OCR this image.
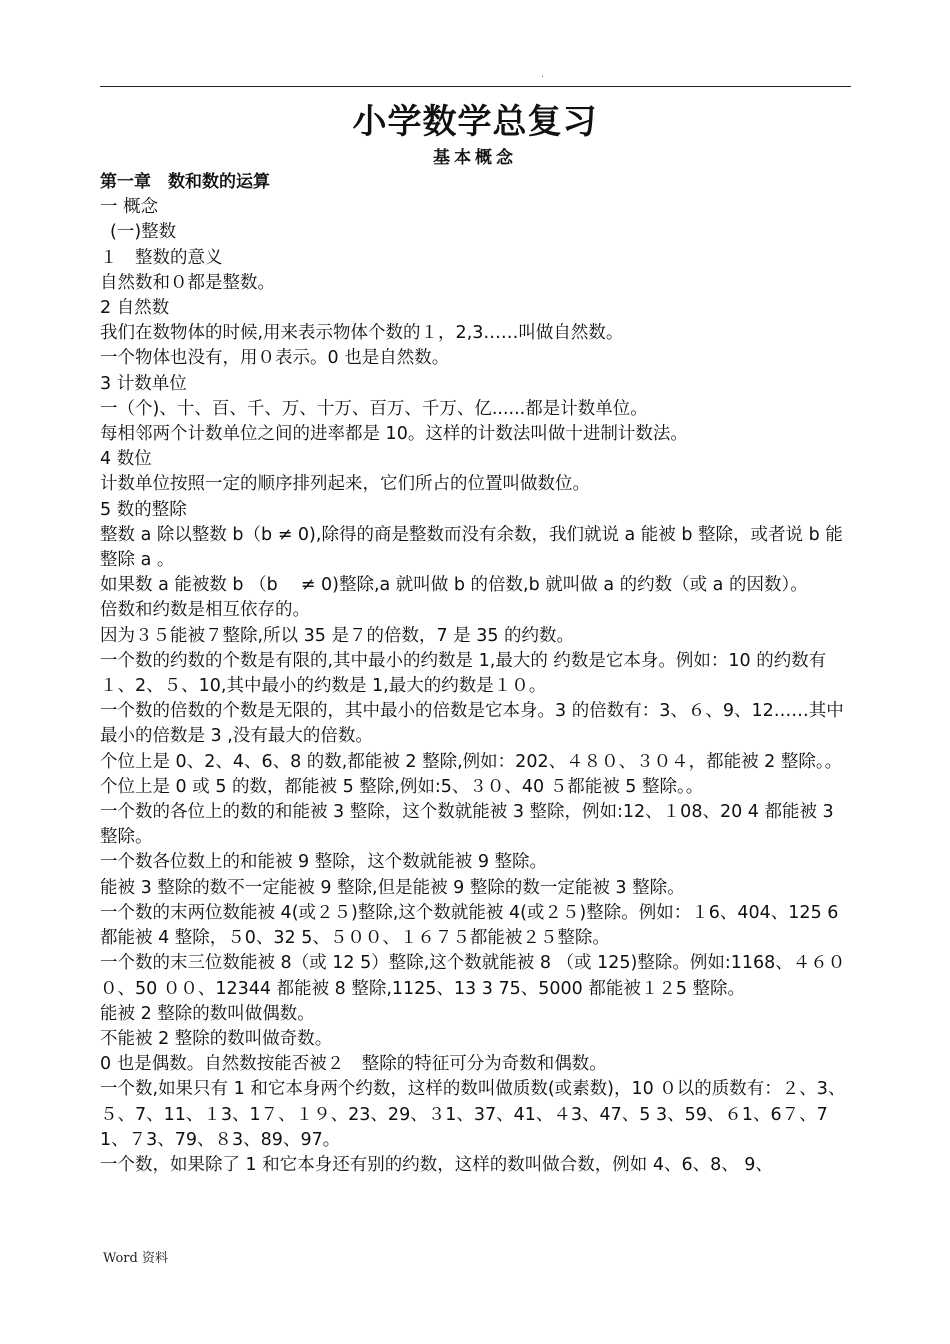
.
小学数学总复习
基本概念

第一章　数和数的运算

一 概念

(一)整数

１　整数的意义

自然数和０都是整数。

2 自然数

我们在数物体的时候,用来表示物体个数的１，2,3……叫做自然数。

一个物体也没有，用０表示。0 也是自然数。

3 计数单位

一（个)、十、百、千、万、十万、百万、千万、亿......都是计数单位。

每相邻两个计数单位之间的进率都是 10。这样的计数法叫做十进制计数法。

4 数位

计数单位按照一定的顺序排列起来，它们所占的位置叫做数位。

5 数的整除

整数 a 除以整数 b（b ≠ 0),除得的商是整数而没有余数，我们就说 a 能被 b 整除，或者说 b 能整除 a 。

如果数 a 能被数 b （b 　≠ 0)整除,a 就叫做 b 的倍数,b 就叫做 a 的约数（或 a 的因数）。

倍数和约数是相互依存的。

因为３５能被７整除,所以 35 是７的倍数，7 是 35 的约数。

一个数的约数的个数是有限的,其中最小的约数是 1,最大的 约数是它本身。例如：10 的约数有１、2、５、10,其中最小的约数是 1,最大的约数是１０。

一个数的倍数的个数是无限的，其中最小的倍数是它本身。3 的倍数有：3、６、9、12……其中最小的倍数是 3 ,没有最大的倍数。

个位上是 0、2、4、6、8 的数,都能被 2 整除,例如：202、４８０、３０４，都能被 2 整除。。

个位上是 0 或 5 的数，都能被 5 整除,例如:5、３０、40 ５都能被 5 整除。。

一个数的各位上的数的和能被 3 整除，这个数就能被 3 整除，例如:12、１08、20 4 都能被 3 整除。

一个数各位数上的和能被 9 整除，这个数就能被 9 整除。

能被 3 整除的数不一定能被 9 整除,但是能被 9 整除的数一定能被 3 整除。

一个数的末两位数能被 4(或２５)整除,这个数就能被 4(或２５)整除。例如：１6、404、125 6 都能被 4 整除，５0、32 5、５００、１６７５都能被２５整除。

一个数的末三位数能被 8（或 12 5）整除,这个数就能被 8 （或 125)整除。例如:1168、４６００、50 ００、12344 都能被 8 整除,1125、13 3 75、5000 都能被１２5 整除。

能被 2 整除的数叫做偶数。

不能被 2 整除的数叫做奇数。

0 也是偶数。自然数按能否被２　整除的特征可分为奇数和偶数。

一个数,如果只有 1 和它本身两个约数，这样的数叫做质数(或素数)，10 ０以的质数有：２、3、５、7、11、１3、1７、１９、23、29、３1、37、41、４3、47、5 3、59、６1、6７、71、７3、79、８3、89、97。

一个数，如果除了 1 和它本身还有别的约数，这样的数叫做合数，例如 4、6、8、 9、

Word 资料
